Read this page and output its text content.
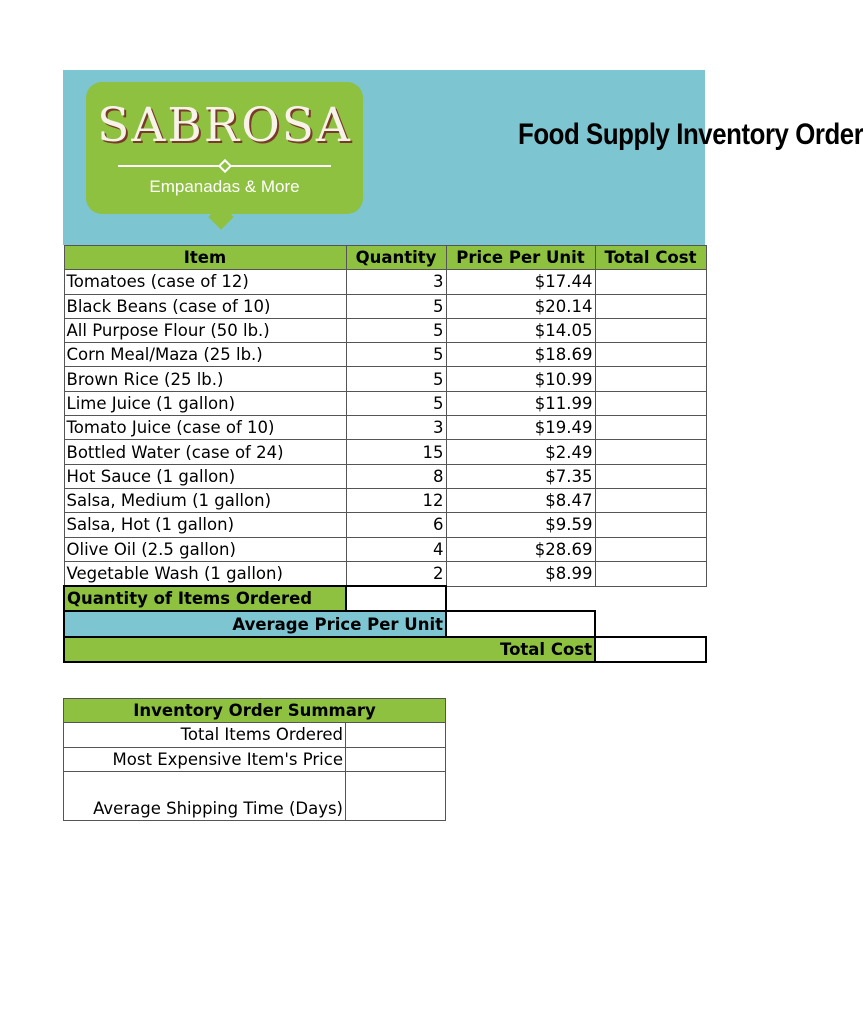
Food Supply Inventory Order
SABROSA
Empanadas & More
Item	Quantity	Price Per Unit	Total Cost
Tomatoes (case of 12)	3	$17.44	
Black Beans (case of 10)	5	$20.14	
All Purpose Flour (50 lb.)	5	$14.05	
Corn Meal/Maza (25 lb.)	5	$18.69	
Brown Rice (25 lb.)	5	$10.99	
Lime Juice (1 gallon)	5	$11.99	
Tomato Juice (case of 10)	3	$19.49	
Bottled Water (case of 24)	15	$2.49	
Hot Sauce (1 gallon)	8	$7.35	
Salsa, Medium (1 gallon)	12	$8.47	
Salsa, Hot (1 gallon)	6	$9.59	
Olive Oil (2.5 gallon)	4	$28.69	
Vegetable Wash (1 gallon)	2	$8.99	
Quantity of Items Ordered			
Average Price Per Unit			
Total Cost			
Inventory Order Summary	
Total Items Ordered	
Most Expensive Item's Price	
Average Shipping Time (Days)	
